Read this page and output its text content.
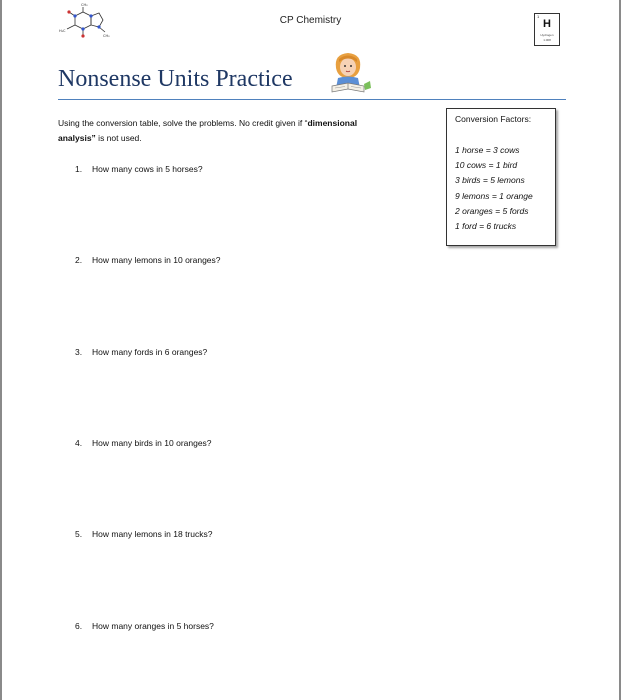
CH₃
H₃C
CH₃
CP Chemistry	1
H
Hydrogen
1.008
Nonsense Units Practice
Using the conversion table, solve the problems. No credit given if “dimensional
analysis” is not used.
Conversion Factors:
1 horse = 3 cows
10 cows = 1 bird
3 birds = 5 lemons
9 lemons = 1 orange
2 oranges = 5 fords
1 ford = 6 trucks
1. How many cows in 5 horses?
2. How many lemons in 10 oranges?
3. How many fords in 6 oranges?
4. How many birds in 10 oranges?
5. How many lemons in 18 trucks?
6. How many oranges in 5 horses?
